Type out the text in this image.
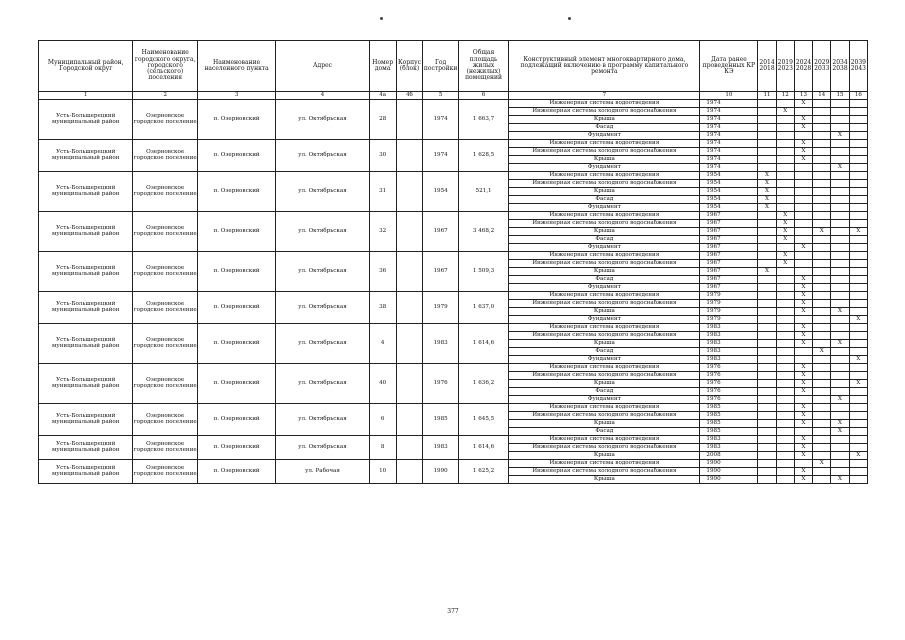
Муниципальный район, Городской округ	Наименование городского округа, городского (сельского) поселения	Наименование населенного пункта	Адрес	Номер дома	Корпус (блок)	Год постройки	Общая площадь жилых (нежилых) помещений	Конструктивный элемент многоквартирного дома, подлежащий включению в программу капитального ремонта	Дата ранее проведенных КР КЭ	2014 2018	2019 2023	2024 2028	2029 2033	2034 2038	2039 2043
1	2	3	4	4а	4б	5	6	7	10	11	12	13	14	15	16
Усть-Большерецкий муниципальный район	Озерновское городское поселение	п. Озерновский	ул. Октябрьская	28		1974	1 663,7	Инженерная система водоотведения	1974			X			
								Инженерная система холодного водоснабжения	1974		X				
								Крыша	1974			X			
								Фасад	1974			X			
								Фундамент	1974					X	
Усть-Большерецкий муниципальный район	Озерновское городское поселение	п. Озерновский	ул. Октябрьская	30		1974	1 628,5	Инженерная система водоотведения	1974			X			
								Инженерная система холодного водоснабжения	1974			X			
								Крыша	1974			X			
								Фундамент	1974					X	
Усть-Большерецкий муниципальный район	Озерновское городское поселение	п. Озерновский	ул. Октябрьская	31		1954	521,1	Инженерная система водоотведения	1954	X					
								Инженерная система холодного водоснабжения	1954	X					
								Крыша	1954	X					
								Фасад	1954	X					
								Фундамент	1954	X					
Усть-Большерецкий муниципальный район	Озерновское городское поселение	п. Озерновский	ул. Октябрьская	32		1967	3 468,2	Инженерная система водоотведения	1967		X				
								Инженерная система холодного водоснабжения	1967		X				
								Крыша	1967		X		X		X
								Фасад	1967		X				
								Фундамент	1967			X			
Усть-Большерецкий муниципальный район	Озерновское городское поселение	п. Озерновский	ул. Октябрьская	36		1967	1 509,3	Инженерная система водоотведения	1967		X				
								Инженерная система холодного водоснабжения	1967		X				
								Крыша	1967	X					
								Фасад	1967			X			
								Фундамент	1967			X			
Усть-Большерецкий муниципальный район	Озерновское городское поселение	п. Озерновский	ул. Октябрьская	38		1979	1 637,0	Инженерная система водоотведения	1979			X			
								Инженерная система холодного водоснабжения	1979			X			
								Крыша	1979			X		X	
								Фундамент	1979						X
Усть-Большерецкий муниципальный район	Озерновское городское поселение	п. Озерновский	ул. Октябрьская	4		1983	1 614,6	Инженерная система водоотведения	1983			X			
								Инженерная система холодного водоснабжения	1983			X			
								Крыша	1983			X		X	
								Фасад	1983				X		
								Фундамент	1983						X
Усть-Большерецкий муниципальный район	Озерновское городское поселение	п. Озерновский	ул. Октябрьская	40		1976	1 636,2	Инженерная система водоотведения	1976			X			
								Инженерная система холодного водоснабжения	1976			X			
								Крыша	1976			X			X
								Фасад	1976			X			
								Фундамент	1976					X	
Усть-Большерецкий муниципальный район	Озерновское городское поселение	п. Озерновский	ул. Октябрьская	6		1985	1 645,5	Инженерная система водоотведения	1985			X			
								Инженерная система холодного водоснабжения	1985			X			
								Крыша	1985			X		X	
								Фасад	1985					X	
Усть-Большерецкий муниципальный район	Озерновское городское поселение	п. Озерновский	ул. Октябрьская	8		1983	1 614,6	Инженерная система водоотведения	1983			X			
								Инженерная система холодного водоснабжения	1983			X			
								Крыша	2008			X			X
Усть-Большерецкий муниципальный район	Озерновское городское поселение	п. Озерновский	ул. Рабочая	10		1990	1 625,2	Инженерная система водоотведения	1990				X		
								Инженерная система холодного водоснабжения	1990			X			
								Крыша	1990			X		X	
377
